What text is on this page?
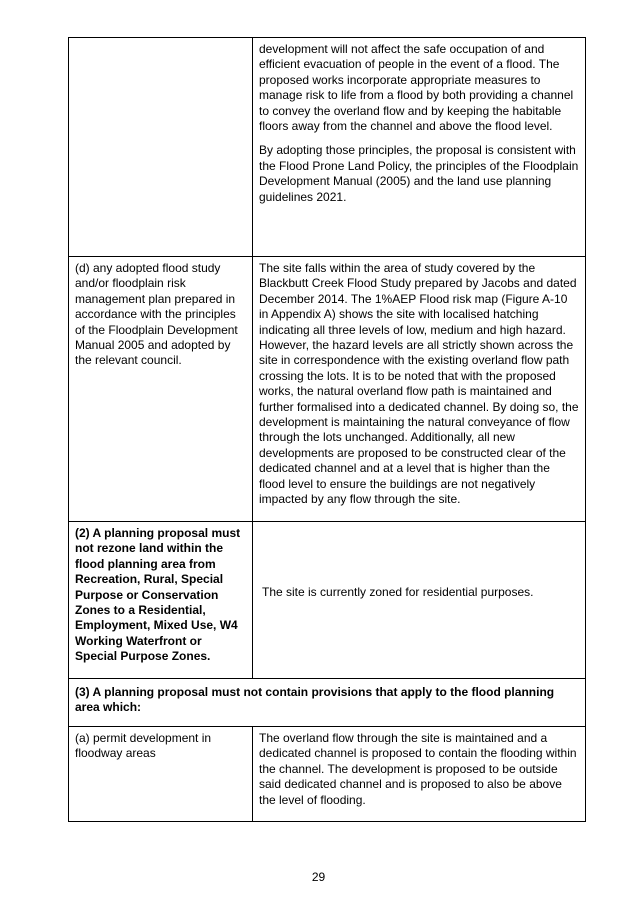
	development will not affect the safe occupation of and efficient evacuation of people in the event of a flood. The proposed works incorporate appropriate measures to manage risk to life from a flood by both providing a channel to convey the overland flow and by keeping the habitable floors away from the channel and above the flood level.

By adopting those principles, the proposal is consistent with the Flood Prone Land Policy, the principles of the Floodplain Development Manual (2005) and the land use planning guidelines 2021.

(d) any adopted flood study and/or floodplain risk management plan prepared in accordance with the principles of the Floodplain Development Manual 2005 and adopted by the relevant council.	The site falls within the area of study covered by the Blackbutt Creek Flood Study prepared by Jacobs and dated December 2014. The 1%AEP Flood risk map (Figure A-10 in Appendix A) shows the site with localised hatching indicating all three levels of low, medium and high hazard. However, the hazard levels are all strictly shown across the site in correspondence with the existing overland flow path crossing the lots. It is to be noted that with the proposed works, the natural overland flow path is maintained and further formalised into a dedicated channel. By doing so, the development is maintaining the natural conveyance of flow through the lots unchanged. Additionally, all new developments are proposed to be constructed clear of the dedicated channel and at a level that is higher than the flood level to ensure the buildings are not negatively impacted by any flow through the site.

(2) A planning proposal must not rezone land within the flood planning area from Recreation, Rural, Special Purpose or Conservation Zones to a Residential, Employment, Mixed Use, W4 Working Waterfront or Special Purpose Zones.	The site is currently zoned for residential purposes.

(3) A planning proposal must not contain provisions that apply to the flood planning area which:	

(a) permit development in floodway areas	The overland flow through the site is maintained and a dedicated channel is proposed to contain the flooding within the channel. The development is proposed to be outside said dedicated channel and is proposed to also be above the level of flooding.
29
